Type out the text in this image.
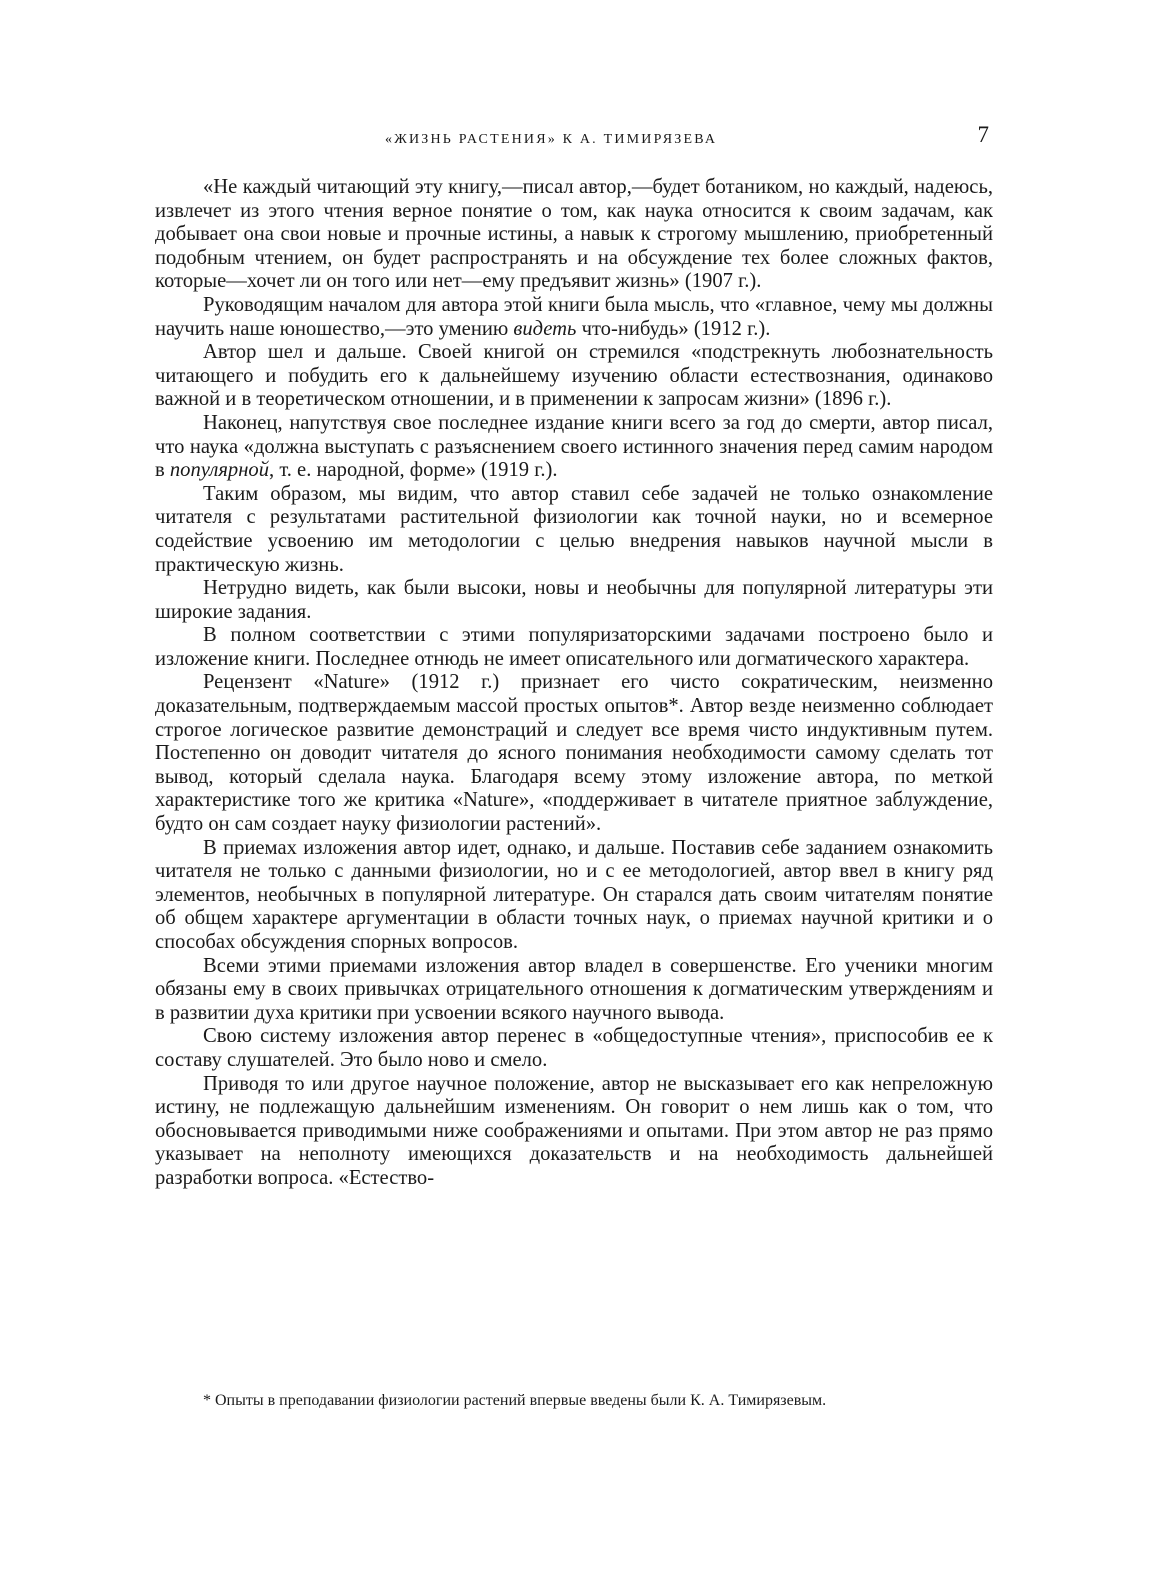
«ЖИЗНЬ РАСТЕНИЯ» К А. ТИМИРЯЗЕВА	7

«Не каждый читающий эту книгу,—писал автор,—будет ботаником, но каждый, надеюсь, извлечет из этого чтения верное понятие о том, как наука относится к своим задачам, как добывает она свои новые и прочные истины, а навык к строгому мышлению, приобретенный подобным чтением, он будет распространять и на обсуждение тех более сложных фактов, которые—хочет ли он того или нет—ему предъявит жизнь» (1907 г.).

Руководящим началом для автора этой книги была мысль, что «главное, чему мы должны научить наше юношество,—это умению видеть что-нибудь» (1912 г.).

Автор шел и дальше. Своей книгой он стремился «подстрекнуть любознательность читающего и побудить его к дальнейшему изучению области естествознания, одинаково важной и в теоретическом отношении, и в применении к запросам жизни» (1896 г.).

Наконец, напутствуя свое последнее издание книги всего за год до смерти, автор писал, что наука «должна выступать с разъяснением своего истинного значения перед самим народом в популярной, т. е. народной, форме» (1919 г.).

Таким образом, мы видим, что автор ставил себе задачей не только ознакомление читателя с результатами растительной физиологии как точной науки, но и всемерное содействие усвоению им методологии с целью внедрения навыков научной мысли в практическую жизнь.

Нетрудно видеть, как были высоки, новы и необычны для популярной литературы эти широкие задания.

В полном соответствии с этими популяризаторскими задачами построено было и изложение книги. Последнее отнюдь не имеет описательного или догматического характера.

Рецензент «Nature» (1912 г.) признает его чисто сократическим, неизменно доказательным, подтверждаемым массой простых опытов*. Автор везде неизменно соблюдает строгое логическое развитие демонстраций и следует все время чисто индуктивным путем. Постепенно он доводит читателя до ясного понимания необходимости самому сделать тот вывод, который сделала наука. Благодаря всему этому изложение автора, по меткой характеристике того же критика «Nature», «поддерживает в читателе приятное заблуждение, будто он сам создает науку физиологии растений».

В приемах изложения автор идет, однако, и дальше. Поставив себе заданием ознакомить читателя не только с данными физиологии, но и с ее методологией, автор ввел в книгу ряд элементов, необычных в популярной литературе. Он старался дать своим читателям понятие об общем характере аргументации в области точных наук, о приемах научной критики и о способах обсуждения спорных вопросов.

Всеми этими приемами изложения автор владел в совершенстве. Его ученики многим обязаны ему в своих привычках отрицательного отношения к догматическим утверждениям и в развитии духа критики при усвоении всякого научного вывода.

Свою систему изложения автор перенес в «общедоступные чтения», приспособив ее к составу слушателей. Это было ново и смело.

Приводя то или другое научное положение, автор не высказывает его как непреложную истину, не подлежащую дальнейшим изменениям. Он говорит о нем лишь как о том, что обосновывается приводимыми ниже соображениями и опытами. При этом автор не раз прямо указывает на неполноту имеющихся доказательств и на необходимость дальнейшей разработки вопроса. «Естество-

* Опыты в преподавании физиологии растений впервые введены были К. А. Тимирязевым.
